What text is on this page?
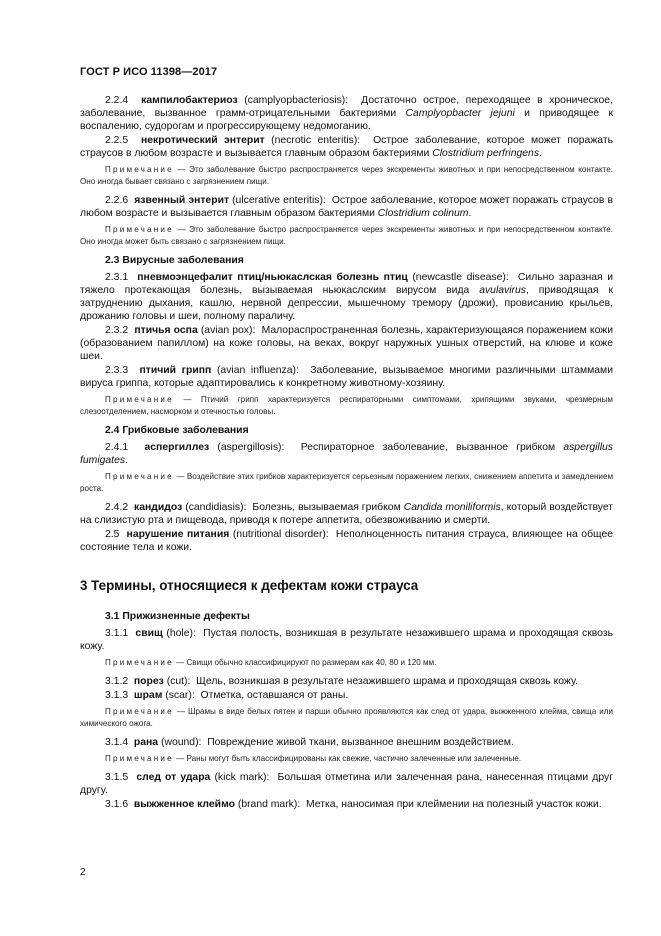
ГОСТ Р ИСО 11398—2017

2.2.4 кампилобактериоз (camplyopbacteriosis): Достаточно острое, переходящее в хроническое, заболевание, вызванное грамм-отрицательными бактериями Camplyopbacter jejuni и приводящее к воспалению, судорогам и прогрессирующему недомоганию.

2.2.5 некротический энтерит (necrotic enteritis): Острое заболевание, которое может поражать страусов в любом возрасте и вызывается главным образом бактериями Clostridium perfringens.

Примечание — Это заболевание быстро распространяется через экскременты животных и при непосредственном контакте. Оно иногда бывает связано с загрязнением пищи.

2.2.6 язвенный энтерит (ulcerative enteritis): Острое заболевание, которое может поражать страусов в любом возрасте и вызывается главным образом бактериями Clostridium colinum.

Примечание — Это заболевание быстро распространяется через экскременты животных и при непосредственном контакте. Оно иногда может быть связано с загрязнением пищи.

2.3 Вирусные заболевания

2.3.1 пневмоэнцефалит птиц/ньюкаслская болезнь птиц (newcastle disease): Сильно заразная и тяжело протекающая болезнь, вызываемая ньюкаслским вирусом вида avulavirus, приводящая к затруднению дыхания, кашлю, нервной депрессии, мышечному тремору (дрожи), провисанию крыльев, дрожанию головы и шеи, полному параличу.

2.3.2 птичья оспа (avian pox): Малораспространенная болезнь, характеризующаяся поражением кожи (образованием папиллом) на коже головы, на веках, вокруг наружных ушных отверстий, на клюве и коже шеи.

2.3.3 птичий грипп (avian influenza): Заболевание, вызываемое многими различными штаммами вируса гриппа, которые адаптировались к конкретному животному-хозяину.

Примечание — Птичий грипп характеризуется респираторными симптомами, хрипящими звуками, чрезмерным слезоотделением, насморком и отечностью головы.

2.4 Грибковые заболевания

2.4.1 аспергиллез (aspergillosis): Респираторное заболевание, вызванное грибком aspergillus fumigates.

Примечание — Воздействие этих грибков характеризуется серьезным поражением легких, снижением аппетита и замедлением роста.

2.4.2 кандидоз (candidiasis): Болезнь, вызываемая грибком Candida moniliformis, который воздействует на слизистую рта и пищевода, приводя к потере аппетита, обезвоживанию и смерти.

2.5 нарушение питания (nutritional disorder): Неполноценность питания страуса, влияющее на общее состояние тела и кожи.

3 Термины, относящиеся к дефектам кожи страуса

3.1 Прижизненные дефекты

3.1.1 свищ (hole): Пустая полость, возникшая в результате незажившего шрама и проходящая сквозь кожу.

Примечание — Свищи обычно классифицируют по размерам как 40, 80 и 120 мм.

3.1.2 порез (cut): Щель, возникшая в результате незажившего шрама и проходящая сквозь кожу.

3.1.3 шрам (scar): Отметка, оставшаяся от раны.

Примечание — Шрамы в виде белых пятен и парши обычно проявляются как след от удара, выжженного клейма, свища или химического ожога.

3.1.4 рана (wound): Повреждение живой ткани, вызванное внешним воздействием.

Примечание — Раны могут быть классифицированы как свежие, частично залеченные или залеченные.

3.1.5 след от удара (kick mark): Большая отметина или залеченная рана, нанесенная птицами друг другу.

3.1.6 выжженное клеймо (brand mark): Метка, наносимая при клеймении на полезный участок кожи.

2
